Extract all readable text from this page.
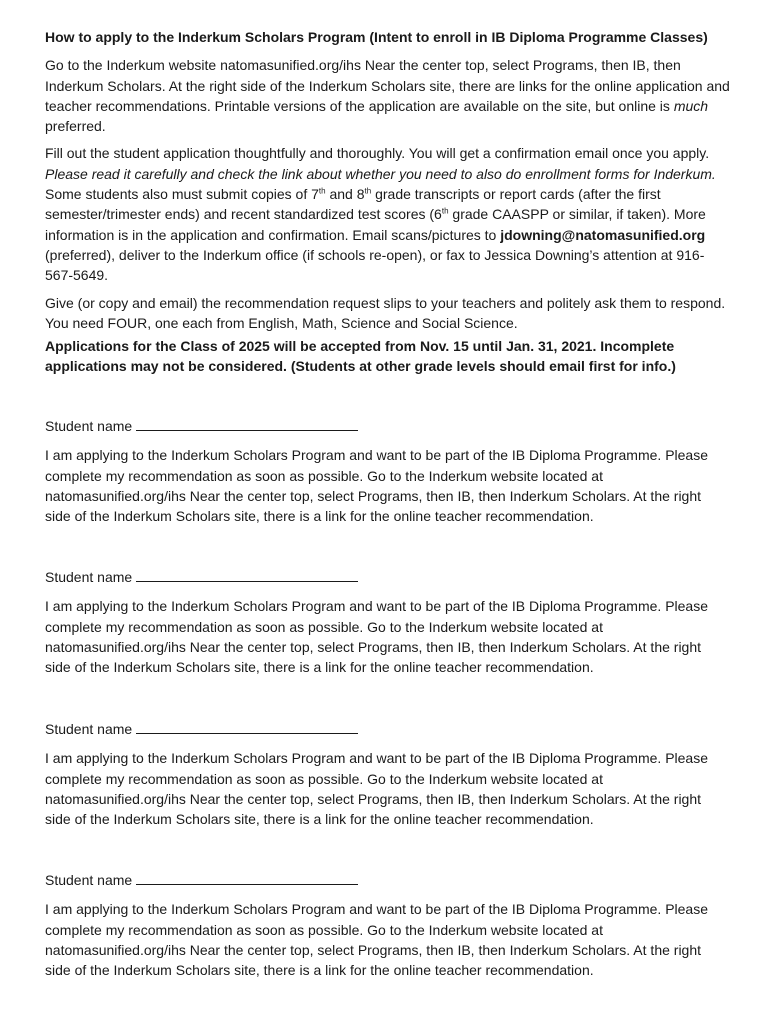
How to apply to the Inderkum Scholars Program (Intent to enroll in IB Diploma Programme Classes)

Go to the Inderkum website natomasunified.org/ihs Near the center top, select Programs, then IB, then Inderkum Scholars. At the right side of the Inderkum Scholars site, there are links for the online application and teacher recommendations. Printable versions of the application are available on the site, but online is much preferred.

Fill out the student application thoughtfully and thoroughly. You will get a confirmation email once you apply. Please read it carefully and check the link about whether you need to also do enrollment forms for Inderkum. Some students also must submit copies of 7th and 8th grade transcripts or report cards (after the first semester/trimester ends) and recent standardized test scores (6th grade CAASPP or similar, if taken). More information is in the application and confirmation. Email scans/pictures to jdowning@natomasunified.org (preferred), deliver to the Inderkum office (if schools re-open), or fax to Jessica Downing’s attention at 916-567-5649.

Give (or copy and email) the recommendation request slips to your teachers and politely ask them to respond. You need FOUR, one each from English, Math, Science and Social Science.

Applications for the Class of 2025 will be accepted from Nov. 15 until Jan. 31, 2021. Incomplete applications may not be considered. (Students at other grade levels should email first for info.)

Student name

I am applying to the Inderkum Scholars Program and want to be part of the IB Diploma Programme. Please complete my recommendation as soon as possible. Go to the Inderkum website located at natomasunified.org/ihs Near the center top, select Programs, then IB, then Inderkum Scholars. At the right side of the Inderkum Scholars site, there is a link for the online teacher recommendation.

Student name

I am applying to the Inderkum Scholars Program and want to be part of the IB Diploma Programme. Please complete my recommendation as soon as possible. Go to the Inderkum website located at natomasunified.org/ihs Near the center top, select Programs, then IB, then Inderkum Scholars. At the right side of the Inderkum Scholars site, there is a link for the online teacher recommendation.

Student name

I am applying to the Inderkum Scholars Program and want to be part of the IB Diploma Programme. Please complete my recommendation as soon as possible. Go to the Inderkum website located at natomasunified.org/ihs Near the center top, select Programs, then IB, then Inderkum Scholars. At the right side of the Inderkum Scholars site, there is a link for the online teacher recommendation.

Student name

I am applying to the Inderkum Scholars Program and want to be part of the IB Diploma Programme. Please complete my recommendation as soon as possible. Go to the Inderkum website located at natomasunified.org/ihs Near the center top, select Programs, then IB, then Inderkum Scholars. At the right side of the Inderkum Scholars site, there is a link for the online teacher recommendation.
